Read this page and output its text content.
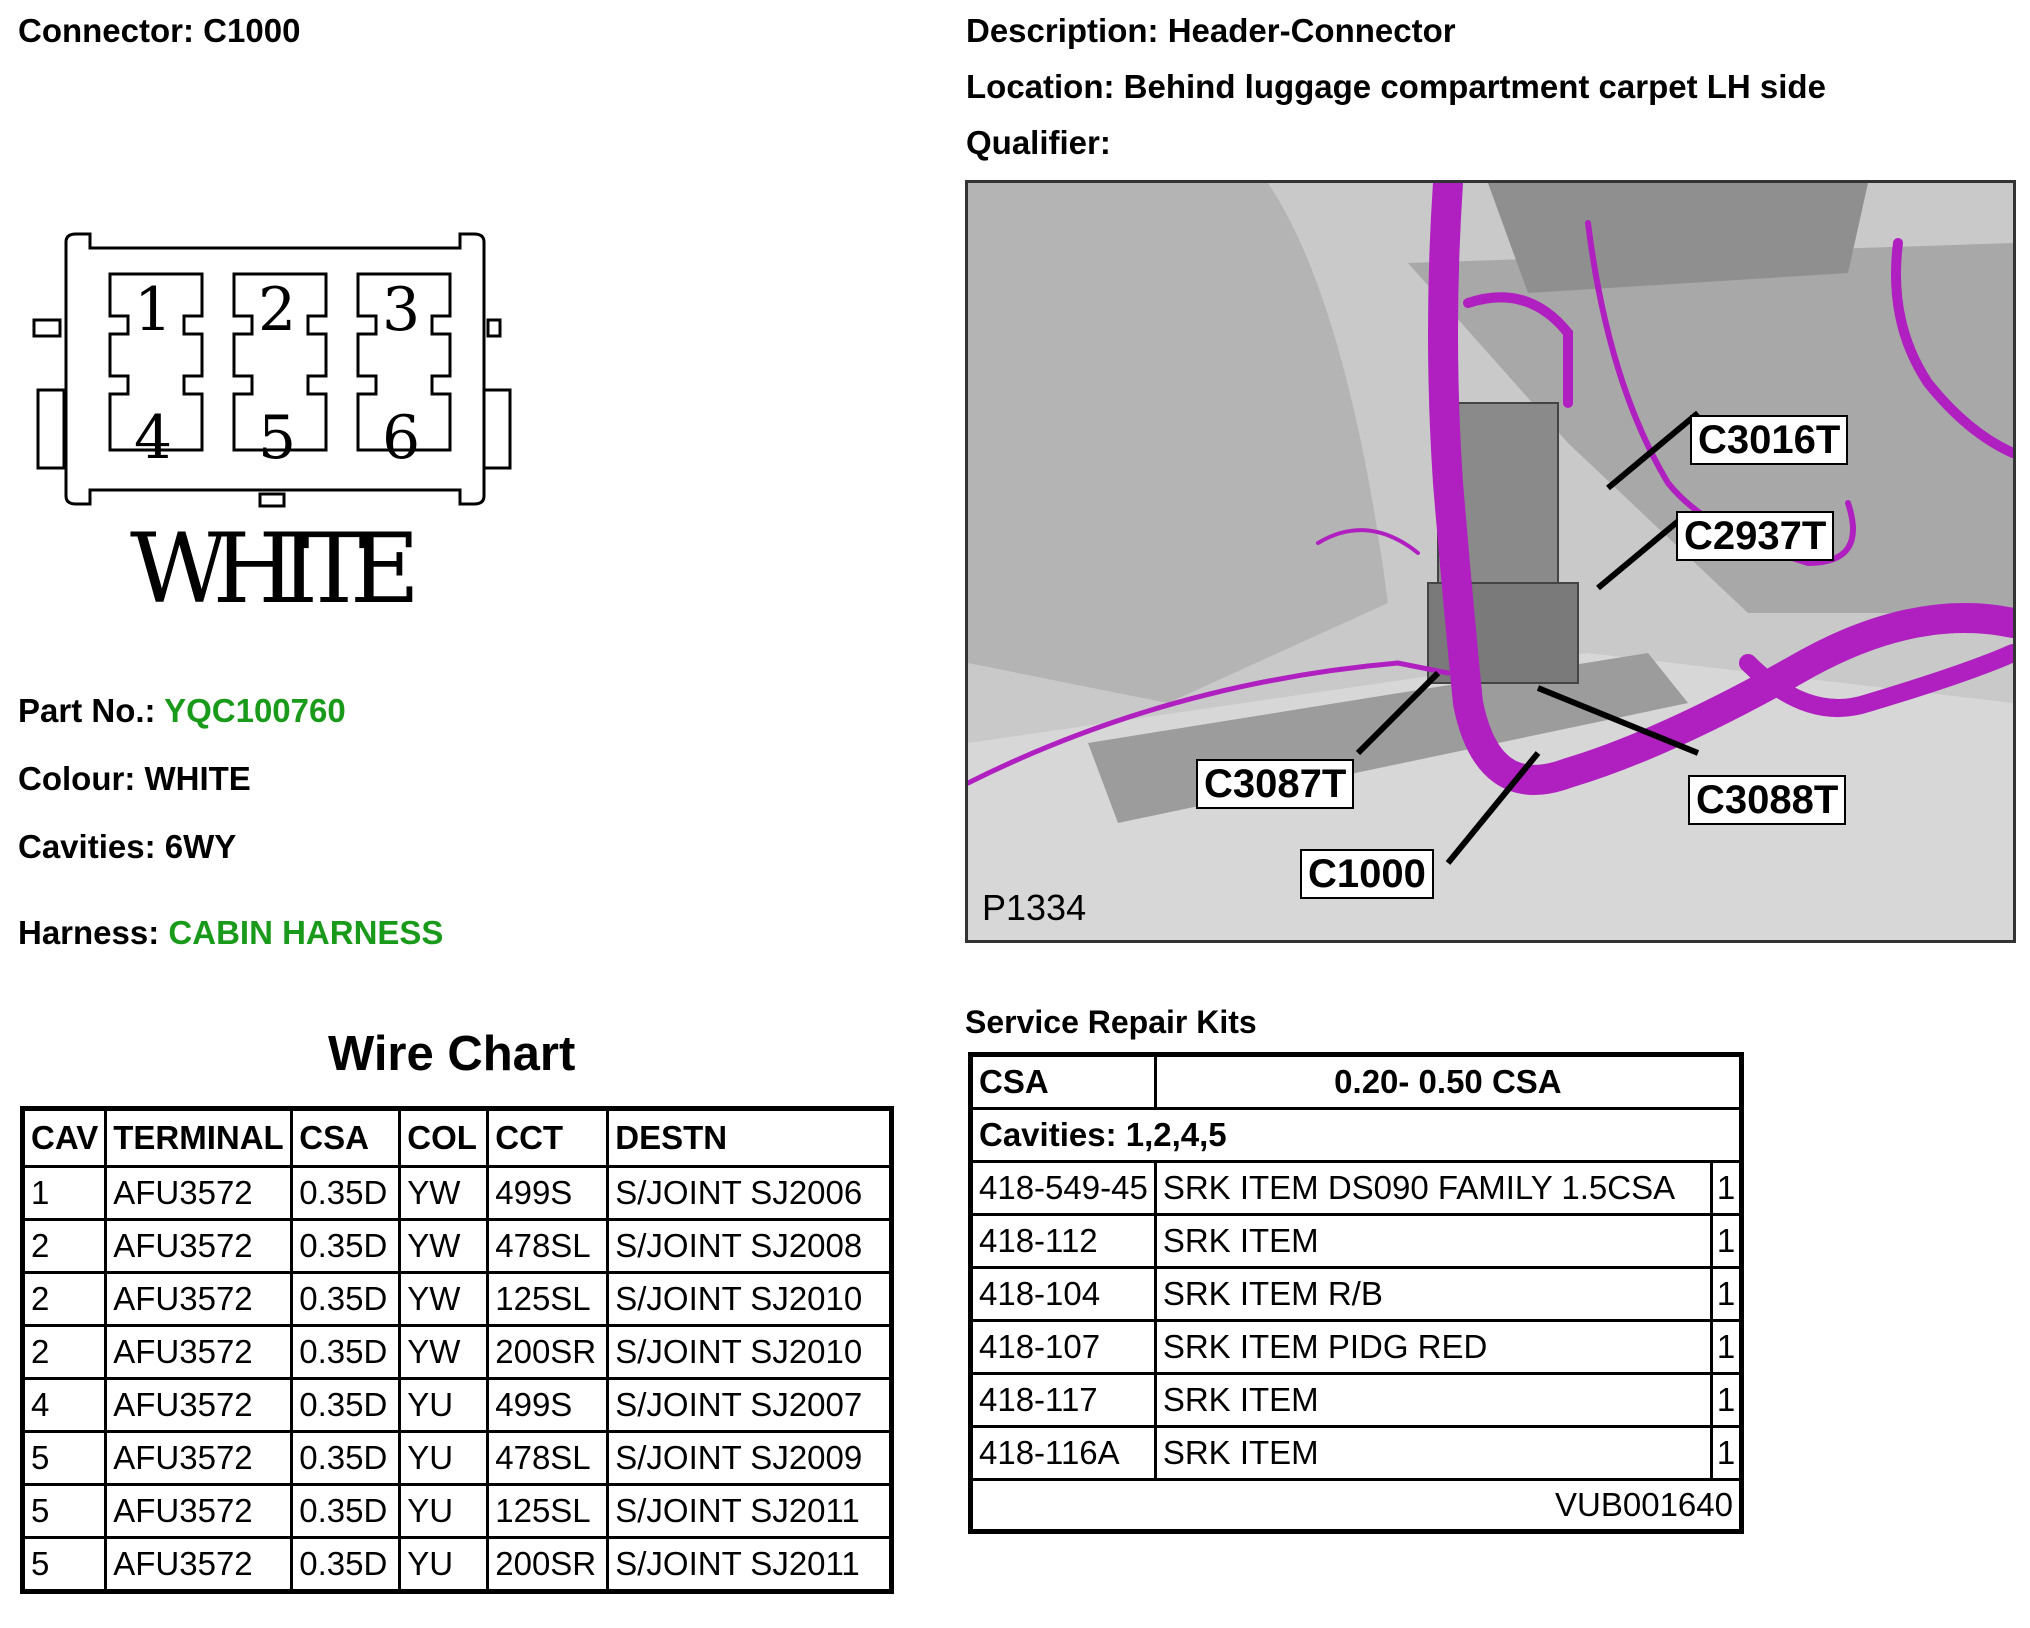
Connector: C1000	Description: Header-Connector
Location: Behind luggage compartment carpet LH side
Qualifier:
1 2 3
4 5 6
WHITE
Part No.: YQC100760
Colour: WHITE
Cavities: 6WY
Harness: CABIN HARNESS
C3016T
C2937T
C3087T	C3088T
C1000
P1334
Wire Chart
CAV	TERMINAL	CSA	COL	CCT	DESTN
1	AFU3572	0.35D	YW	499S	S/JOINT SJ2006
2	AFU3572	0.35D	YW	478SL	S/JOINT SJ2008
2	AFU3572	0.35D	YW	125SL	S/JOINT SJ2010
2	AFU3572	0.35D	YW	200SR	S/JOINT SJ2010
4	AFU3572	0.35D	YU	499S	S/JOINT SJ2007
5	AFU3572	0.35D	YU	478SL	S/JOINT SJ2009
5	AFU3572	0.35D	YU	125SL	S/JOINT SJ2011
5	AFU3572	0.35D	YU	200SR	S/JOINT SJ2011
Service Repair Kits
CSA	0.20- 0.50 CSA	
Cavities: 1,2,4,5		
418-549-45	SRK ITEM DS090 FAMILY 1.5CSA	1
418-112	SRK ITEM	1
418-104	SRK ITEM R/B	1
418-107	SRK ITEM PIDG RED	1
418-117	SRK ITEM	1
418-116A	SRK ITEM	1
VUB001640		
